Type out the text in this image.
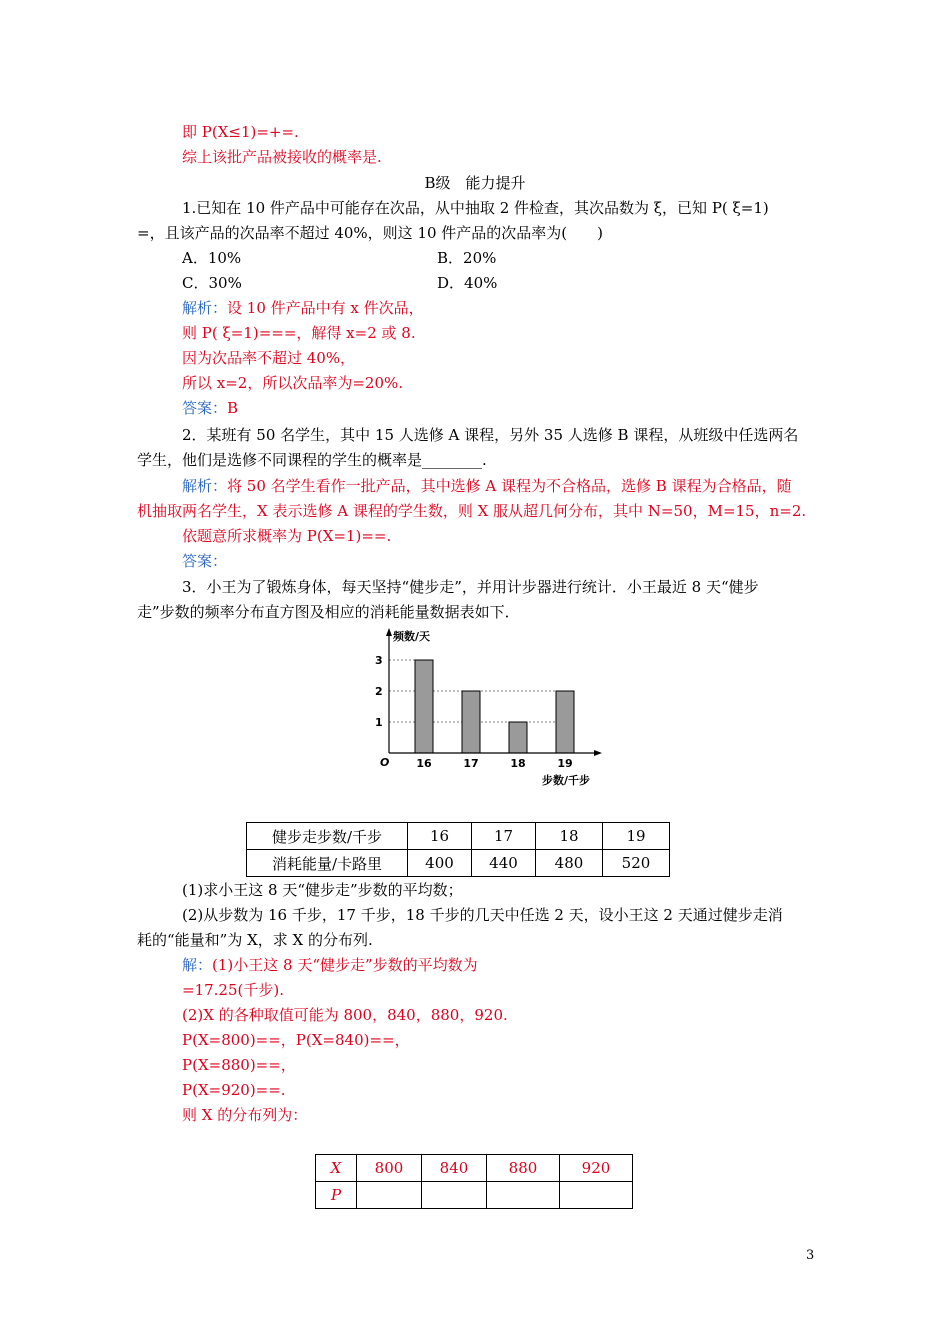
即 P(X≤1)=+=.
综上该批产品被接收的概率是.
B级　能力提升
1.已知在 10 件产品中可能存在次品，从中抽取 2 件检查，其次品数为 ξ，已知 P( ξ=1)
=，且该产品的次品率不超过 40%，则这 10 件产品的次品率为(　　)
A．10%	B．20%
C．30%	D．40%
解析：设 10 件产品中有 x 件次品，
则 P( ξ=1)===，解得 x=2 或 8.
因为次品率不超过 40%，
所以 x=2，所以次品率为=20%.
答案：B
2．某班有 50 名学生，其中 15 人选修 A 课程，另外 35 人选修 B 课程，从班级中任选两名
学生，他们是选修不同课程的学生的概率是________.
解析：将 50 名学生看作一批产品，其中选修 A 课程为不合格品，选修 B 课程为合格品，随
机抽取两名学生，X 表示选修 A 课程的学生数，则 X 服从超几何分布，其中 N=50，M=15，n=2.
依题意所求概率为 P(X=1)==.
答案：
3．小王为了锻炼身体，每天坚持“健步走”，并用计步器进行统计．小王最近 8 天“健步
走”步数的频率分布直方图及相应的消耗能量数据表如下．
频数/天
步数/千步
O
1
2
3
16	17	18	19
健步走步数/千步	16	17	18	19
消耗能量/卡路里	400	440	480	520
(1)求小王这 8 天“健步走”步数的平均数；
(2)从步数为 16 千步，17 千步，18 千步的几天中任选 2 天，设小王这 2 天通过健步走消
耗的“能量和”为 X，求 X 的分布列.
解：(1)小王这 8 天“健步走”步数的平均数为
=17.25(千步).
(2)X 的各种取值可能为 800，840，880，920.
P(X=800)==，P(X=840)==，
P(X=880)==，
P(X=920)==.
则 X 的分布列为：
X	800	840	880	920
P				
3
